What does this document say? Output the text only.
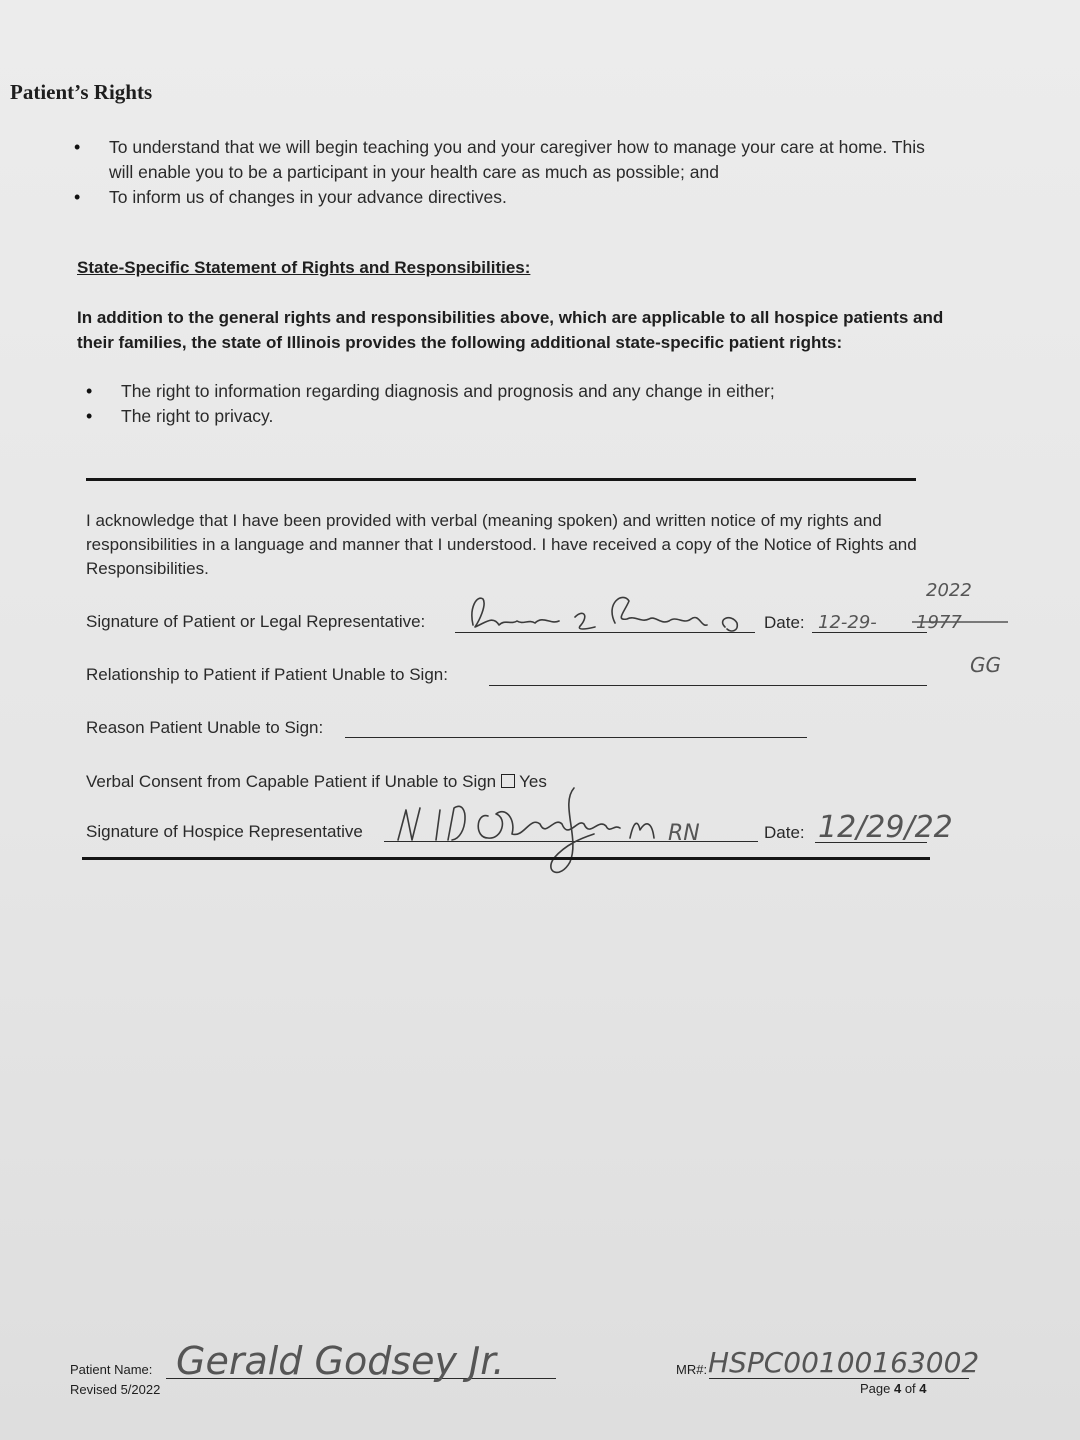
Patient’s Rights
• To understand that we will begin teaching you and your caregiver how to manage your care at home. This will enable you to be a participant in your health care as much as possible; and
• To inform us of changes in your advance directives.
State-Specific Statement of Rights and Responsibilities:
In addition to the general rights and responsibilities above, which are applicable to all hospice patients and their families, the state of Illinois provides the following additional state-specific patient rights:
• The right to information regarding diagnosis and prognosis and any change in either;
• The right to privacy.
I acknowledge that I have been provided with verbal (meaning spoken) and written notice of my rights and responsibilities in a language and manner that I understood. I have received a copy of the Notice of Rights and Responsibilities.
Signature of Patient or Legal Representative:	Date: 12-29- 1977
2022
GG
Relationship to Patient if Patient Unable to Sign:
Reason Patient Unable to Sign:
Verbal Consent from Capable Patient if Unable to Sign Yes
Signature of Hospice Representative	RN	Date: 12/29/22
Patient Name: Gerald Godsey Jr.
Revised 5/2022
MR#: HSPC00100163002
Page 4 of 4
